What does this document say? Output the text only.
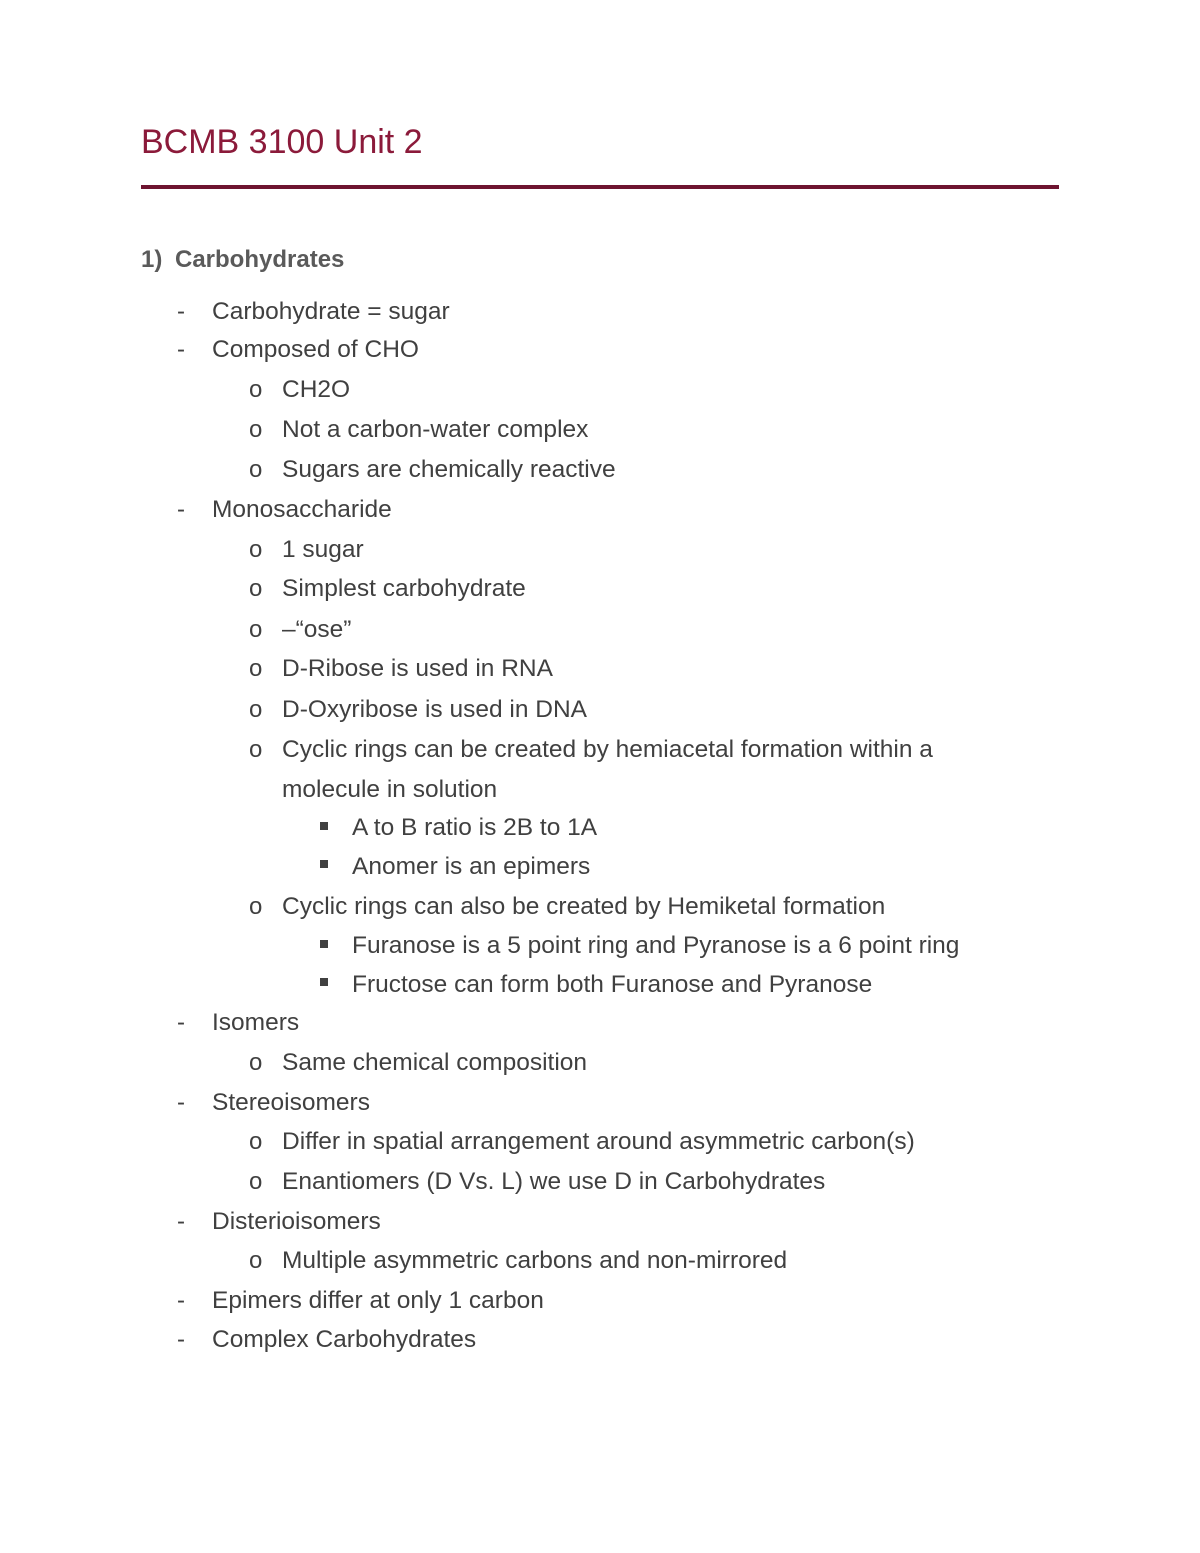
BCMB 3100 Unit 2
1) Carbohydrates
- Carbohydrate = sugar
- Composed of CHO
o CH2O
o Not a carbon-water complex
o Sugars are chemically reactive
- Monosaccharide
o 1 sugar
o Simplest carbohydrate
o –“ose”
o D-Ribose is used in RNA
o D-Oxyribose is used in DNA
o Cyclic rings can be created by hemiacetal formation within a
molecule in solution
A to B ratio is 2B to 1A
Anomer is an epimers
o Cyclic rings can also be created by Hemiketal formation
Furanose is a 5 point ring and Pyranose is a 6 point ring
Fructose can form both Furanose and Pyranose
- Isomers
o Same chemical composition
- Stereoisomers
o Differ in spatial arrangement around asymmetric carbon(s)
o Enantiomers (D Vs. L) we use D in Carbohydrates
- Disterioisomers
o Multiple asymmetric carbons and non-mirrored
- Epimers differ at only 1 carbon
- Complex Carbohydrates
